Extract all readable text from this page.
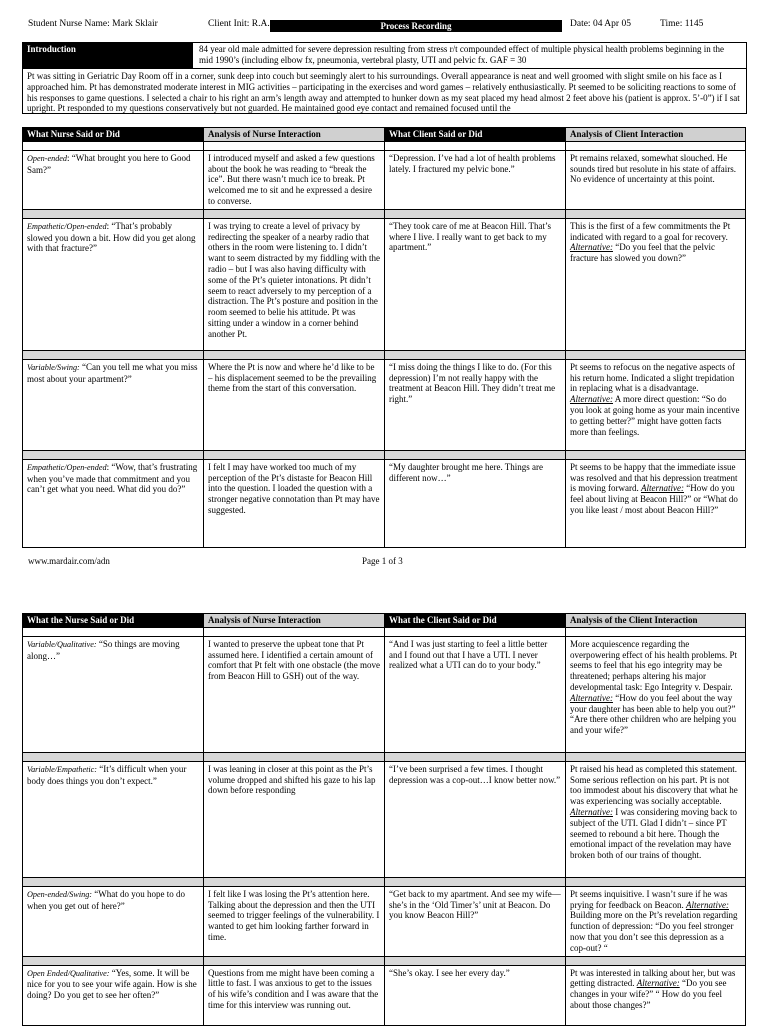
Student Nurse Name: Mark Sklair	Client Init: R.A.	Process Recording	Date: 04 Apr 05	Time: 1145
Introduction	84 year old male admitted for severe depression resulting from stress r/t compounded effect of multiple physical health problems beginning in the mid 1990’s (including elbow fx, pneumonia, vertebral plasty, UTI and pelvic fx. GAF = 30
Pt was sitting in Geriatric Day Room off in a corner, sunk deep into couch but seemingly alert to his surroundings. Overall appearance is neat and well groomed with slight smile on his face as I approached him. Pt has demonstrated moderate interest in MIG activities – participating in the exercises and word games – relatively enthusiastically. Pt seemed to be soliciting reactions to some of his responses to game questions. I selected a chair to his right an arm’s length away and attempted to hunker down as my seat placed my head almost 2 feet above his (patient is approx. 5’-0”) if I sat upright. Pt responded to my questions conservatively but not guarded. He maintained good eye contact and remained focused until the
What Nurse Said or Did	Analysis of Nurse Interaction	What Client Said or Did	Analysis of Client Interaction

Open-ended: “What brought you here to Good Sam?”	I introduced myself and asked a few questions about the book he was reading to “break the ice”. But there wasn’t much ice to break. Pt welcomed me to sit and he expressed a desire to converse.	“Depression. I’ve had a lot of health problems lately. I fractured my pelvic bone.”	Pt remains relaxed, somewhat slouched. He sounds tired but resolute in his state of affairs. No evidence of uncertainty at this point.

Empathetic/Open-ended: “That’s probably slowed you down a bit. How did you get along with that fracture?”	I was trying to create a level of privacy by redirecting the speaker of a nearby radio that others in the room were listening to. I didn’t want to seem distracted by my fiddling with the radio – but I was also having difficulty with some of the Pt’s quieter intonations. Pt didn’t seem to react adversely to my perception of a distraction. The Pt’s posture and position in the room seemed to belie his attitude. Pt was sitting under a window in a corner behind another Pt.	“They took care of me at Beacon Hill. That’s where I live. I really want to get back to my apartment.”	This is the first of a few commitments the Pt indicated with regard to a goal for recovery. Alternative: “Do you feel that the pelvic fracture has slowed you down?”

Variable/Swing: “Can you tell me what you miss most about your apartment?”	Where the Pt is now and where he’d like to be – his displacement seemed to be the prevailing theme from the start of this conversation.	“I miss doing the things I like to do. (For this depression) I’m not really happy with the treatment at Beacon Hill. They didn’t treat me right.”	Pt seems to refocus on the negative aspects of his return home. Indicated a slight trepidation in replacing what is a disadvantage. Alternative: A more direct question: “So do you look at going home as your main incentive to getting better?” might have gotten facts more than feelings.

Empathetic/Open-ended: “Wow, that’s frustrating when you’ve made that commitment and you can’t get what you need. What did you do?”	I felt I may have worked too much of my perception of the Pt’s distaste for Beacon Hill into the question. I loaded the question with a stronger negative connotation than Pt may have suggested.	“My daughter brought me here. Things are different now…”	Pt seems to be happy that the immediate issue was resolved and that his depression treatment is moving forward. Alternative: “How do you feel about living at Beacon Hill?” or “What do you like least / most about Beacon Hill?”
www.mardair.com/adn	Page 1 of 3
What the Nurse Said or Did	Analysis of Nurse Interaction	What the Client Said or Did	Analysis of the Client Interaction

Variable/Qualitative: “So things are moving along…”	I wanted to preserve the upbeat tone that Pt assumed here. I identified a certain amount of comfort that Pt felt with one obstacle (the move from Beacon Hill to GSH) out of the way.	“And I was just starting to feel a little better and I found out that I have a UTI. I never realized what a UTI can do to your body.”	More acquiescence regarding the overpowering effect of his health problems. Pt seems to feel that his ego integrity may be threatened; perhaps altering his major developmental task: Ego Integrity v. Despair. Alternative: “How do you feel about the way your daughter has been able to help you out?” “Are there other children who are helping you and your wife?”

Variable/Empathetic: “It’s difficult when your body does things you don’t expect.”	I was leaning in closer at this point as the Pt’s volume dropped and shifted his gaze to his lap down before responding	“I’ve been surprised a few times. I thought depression was a cop-out…I know better now.”	Pt raised his head as completed this statement. Some serious reflection on his part. Pt is not too immodest about his discovery that what he was experiencing was socially acceptable. Alternative: I was considering moving back to subject of the UTI. Glad I didn’t – since PT seemed to rebound a bit here. Though the emotional impact of the revelation may have broken both of our trains of thought.

Open-ended/Swing: “What do you hope to do when you get out of here?”	I felt like I was losing the Pt’s attention here. Talking about the depression and then the UTI seemed to trigger feelings of the vulnerability. I wanted to get him looking farther forward in time.	“Get back to my apartment. And see my wife—she’s in the ‘Old Timer’s’ unit at Beacon. Do you know Beacon Hill?”	Pt seems inquisitive. I wasn’t sure if he was prying for feedback on Beacon. Alternative: Building more on the Pt’s revelation regarding function of depression: “Do you feel stronger now that you don’t see this depression as a cop-out? “

Open Ended/Qualitative: “Yes, some. It will be nice for you to see your wife again. How is she doing? Do you get to see her often?”	Questions from me might have been coming a little to fast. I was anxious to get to the issues of his wife’s condition and I was aware that the time for this interview was running out.	“She’s okay. I see her every day.”	Pt was interested in talking about her, but was getting distracted. Alternative: “Do you see changes in your wife?” “ How do you feel about those changes?”
